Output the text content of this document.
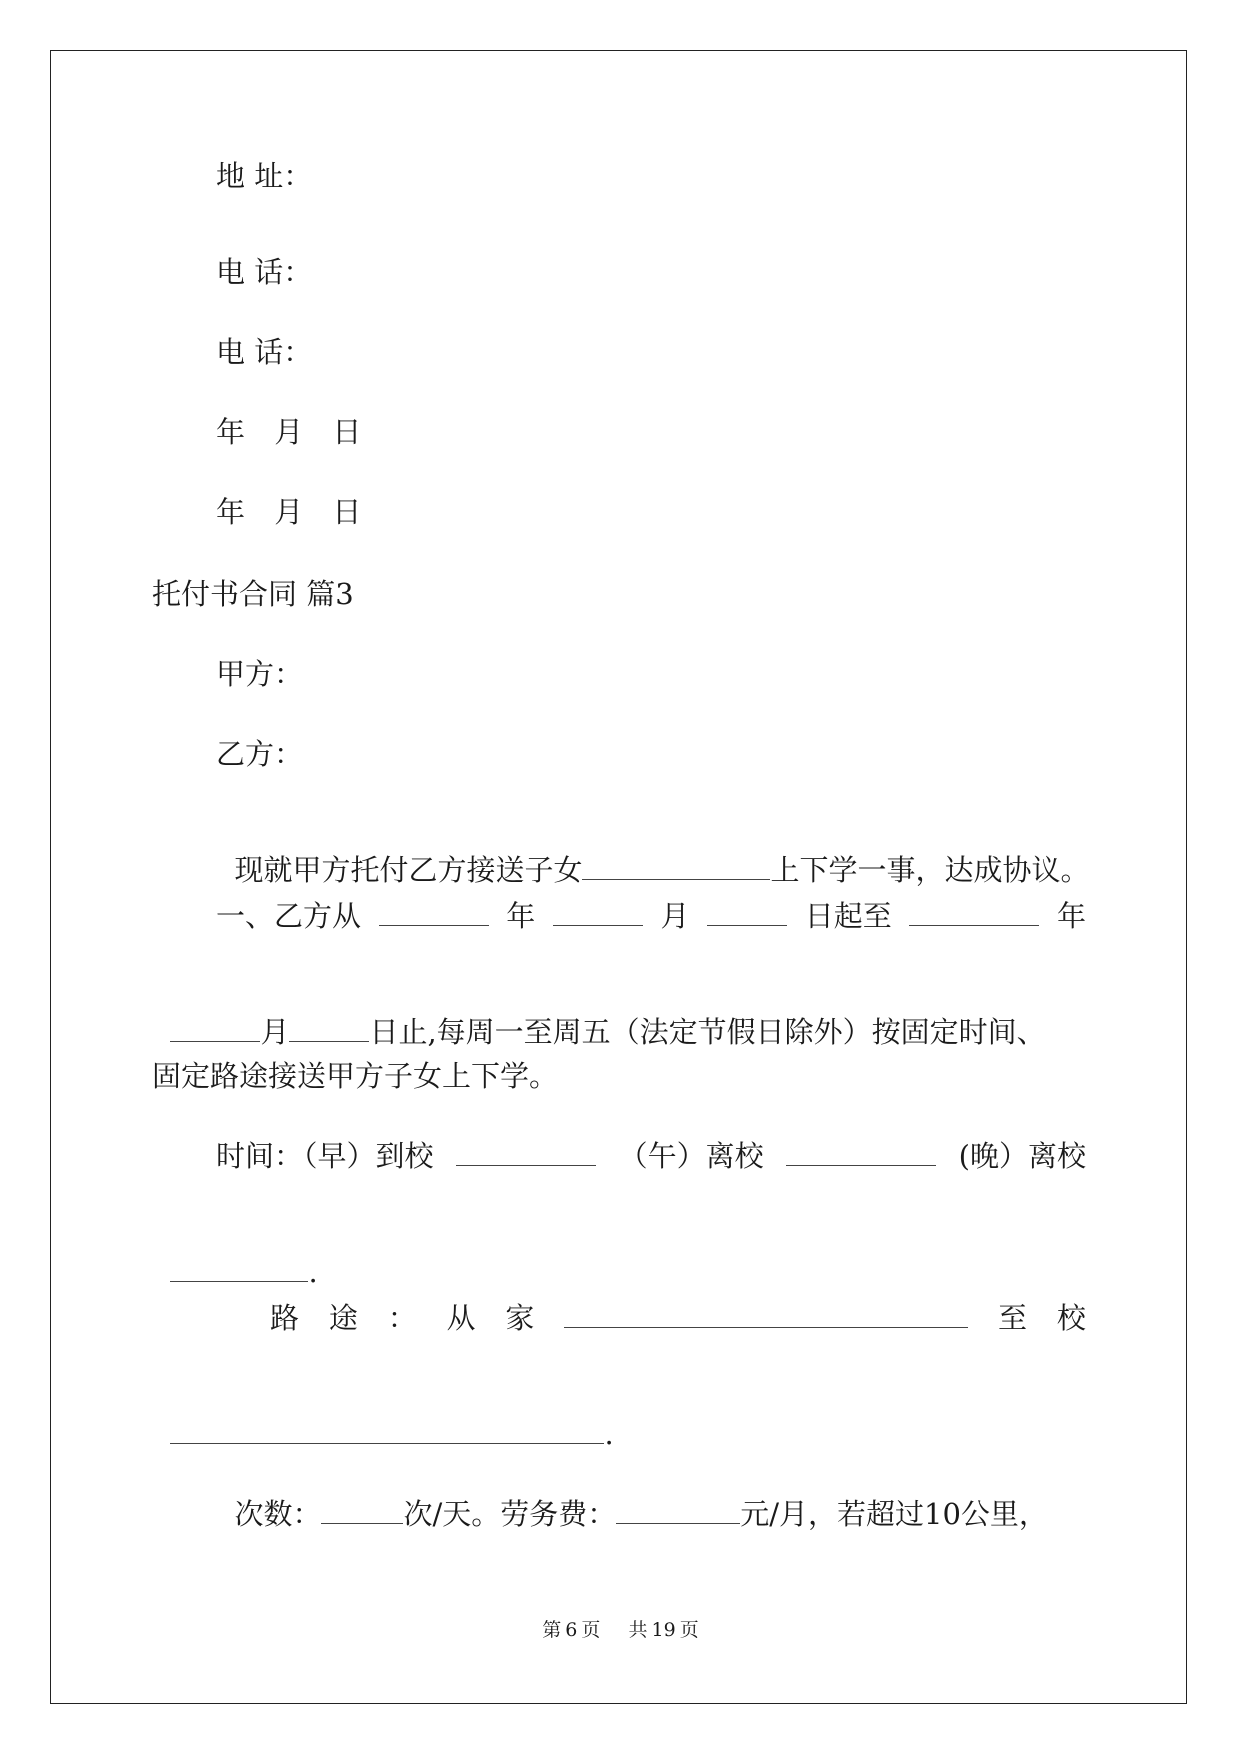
地 址：
电 话：
电 话：
年 月 日
年 月 日
托付书合同 篇3
甲方：
乙方：

现就甲方托付乙方接送子女	上下学一事，达成协议。

一、乙方从	年	月	日起至	年

月	日止,每周一至周五（法定节假日除外）按固定时间、

固定路途接送甲方子女上下学。
时间：（早）到校	（午）离校	(晚）离校

.

路 途 ： 从 家	至 校

.

次数：	次/天。劳务费：	元/月，若超过10公里，

第 6 页 共 19 页
